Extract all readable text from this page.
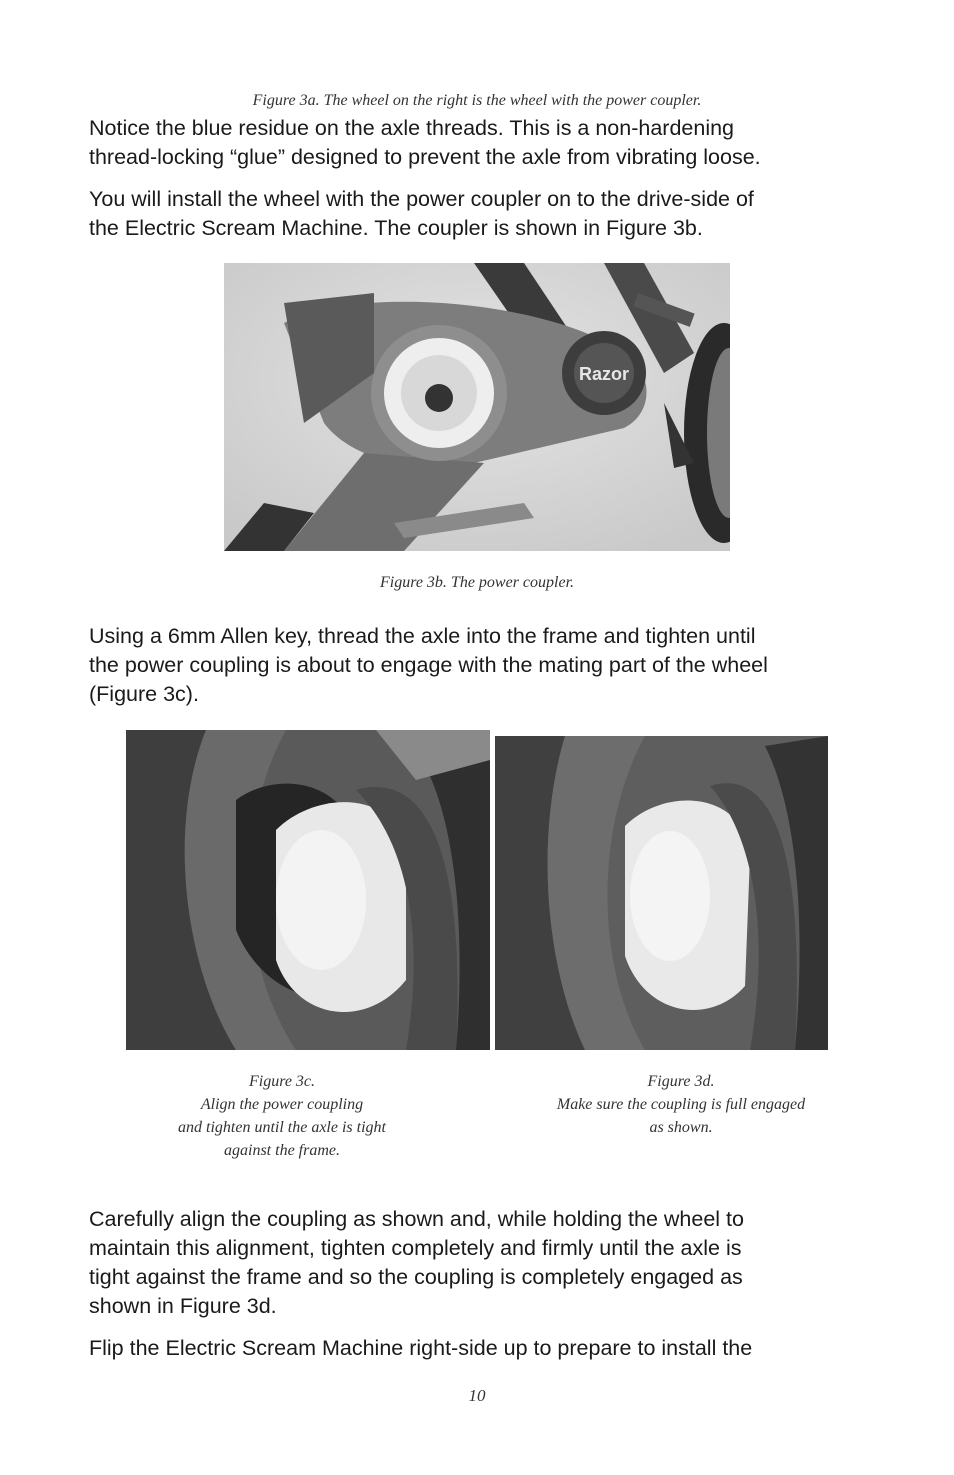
Figure 3a. The wheel on the right is the wheel with the power coupler.

Notice the blue residue on the axle threads. This is a non-hardening

thread-locking “glue” designed to prevent the axle from vibrating loose.

You will install the wheel with the power coupler on to the drive-side of

the Electric Scream Machine. The coupler is shown in Figure 3b.

Razor
Figure 3b. The power coupler.

Using a 6mm Allen key, thread the axle into the frame and tighten until

the power coupling is about to engage with the mating part of the wheel

(Figure 3c).

Figure 3c.
Align the power coupling
and tighten until the axle is tight
against the frame.
Figure 3d.
Make sure the coupling is full engaged
as shown.

Carefully align the coupling as shown and, while holding the wheel to

maintain this alignment, tighten completely and firmly until the axle is

tight against the frame and so the coupling is completely engaged as

shown in Figure 3d.

Flip the Electric Scream Machine right-side up to prepare to install the

10
